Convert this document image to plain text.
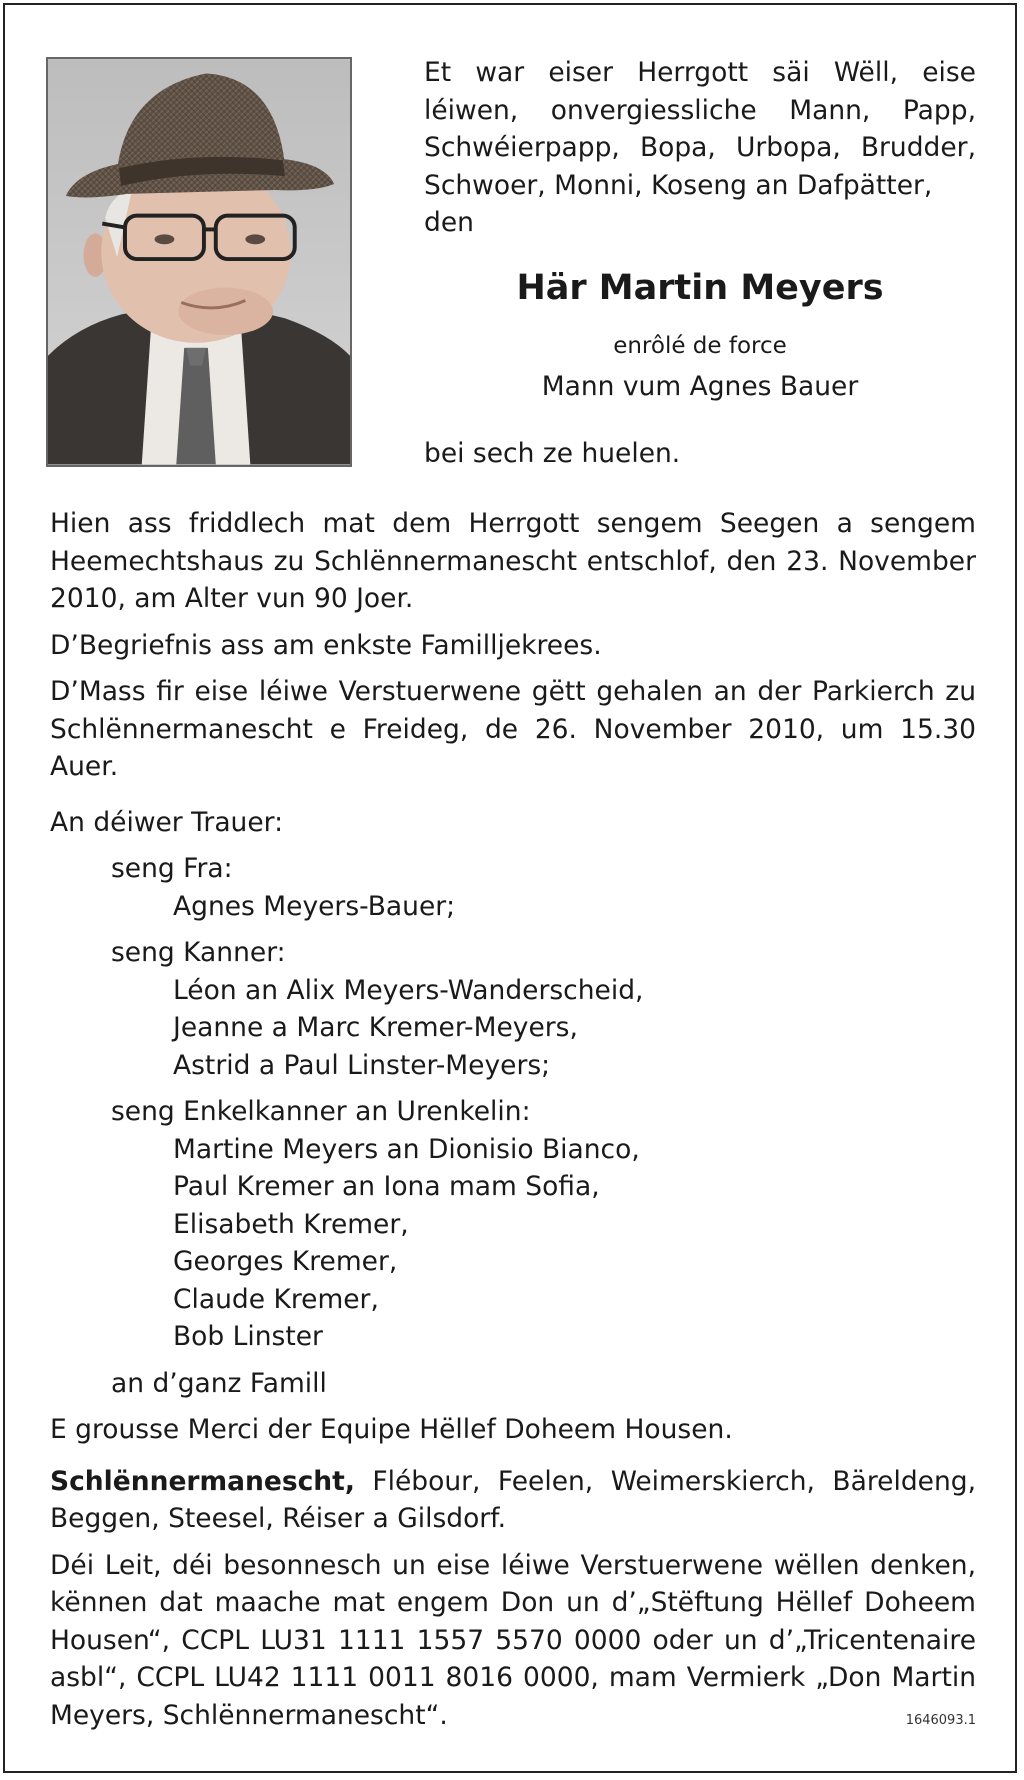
Et war eiser Herrgott säi Wëll, eise léiwen, onvergiessliche Mann, Papp, Schwéierpapp, Bopa, Urbopa, Brudder, Schwoer, Monni, Koseng an Dafpätter,
den
Här Martin Meyers
enrôlé de force
Mann vum Agnes Bauer
bei sech ze huelen.

Hien ass friddlech mat dem Herrgott sengem Seegen a sengem Heemechtshaus zu Schlënnermanescht entschlof, den 23. November 2010, am Alter vun 90 Joer.

D’Begriefnis ass am enkste Familljekrees.

D’Mass fir eise léiwe Verstuerwene gëtt gehalen an der Parkierch zu Schlënnermanescht e Freideg, de 26. November 2010, um 15.30 Auer.

An déiwer Trauer:

seng Fra:

Agnes Meyers-Bauer;

seng Kanner:

Léon an Alix Meyers-Wanderscheid,

Jeanne a Marc Kremer-Meyers,

Astrid a Paul Linster-Meyers;

seng Enkelkanner an Urenkelin:

Martine Meyers an Dionisio Bianco,

Paul Kremer an Iona mam Sofia,

Elisabeth Kremer,

Georges Kremer,

Claude Kremer,

Bob Linster

an d’ganz Famill

E grousse Merci der Equipe Hëllef Doheem Housen.

Schlënnermanescht, Flébour, Feelen, Weimerskierch, Bäreldeng, Beggen, Steesel, Réiser a Gilsdorf.

Déi Leit, déi besonnesch un eise léiwe Verstuerwene wëllen denken, kënnen dat maache mat engem Don un d’„Stëftung Hëllef Doheem Housen“, CCPL LU31 1111 1557 5570 0000 oder un d’„Tricentenaire asbl“, CCPL LU42 1111 0011 8016 0000, mam Vermierk „Don Martin Meyers, Schlënnermanescht“.	1646093.1
